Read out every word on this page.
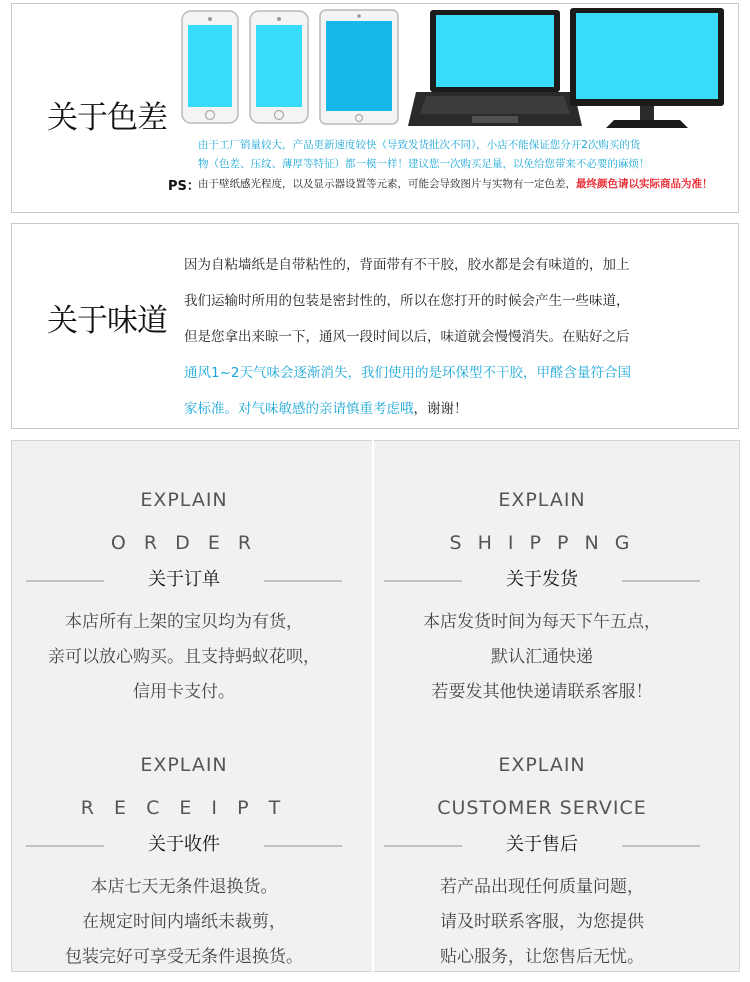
关于色差
由于工厂销量较大，产品更新速度较快（导致发货批次不同），小店不能保证您分开2次购买的货
物（色差、压纹、薄厚等特征）都一模一样！建议您一次购买足量，以免给您带来不必要的麻烦！
PS：
由于壁纸感光程度，以及显示器设置等元素，可能会导致图片与实物有一定色差，最终颜色请以实际商品为准！
关于味道
因为自粘墙纸是自带粘性的，背面带有不干胶，胶水都是会有味道的，加上
我们运输时所用的包装是密封性的，所以在您打开的时候会产生一些味道，
但是您拿出来晾一下，通风一段时间以后，味道就会慢慢消失。在贴好之后
通风1~2天气味会逐渐消失，我们使用的是环保型不干胶，甲醛含量符合国
家标准。对气味敏感的亲请慎重考虑哦，谢谢！
EXPLAIN
O R D E R
关于订单
本店所有上架的宝贝均为有货，
亲可以放心购买。且支持蚂蚁花呗，
信用卡支付。
EXPLAIN
S H I P P N G
关于发货
本店发货时间为每天下午五点，
默认汇通快递
若要发其他快递请联系客服！
EXPLAIN
R E C E I P T
关于收件
本店七天无条件退换货。
在规定时间内墙纸未裁剪，
包装完好可享受无条件退换货。
EXPLAIN
CUSTOMER SERVICE
关于售后
若产品出现任何质量问题，
请及时联系客服，为您提供
贴心服务，让您售后无忧。
